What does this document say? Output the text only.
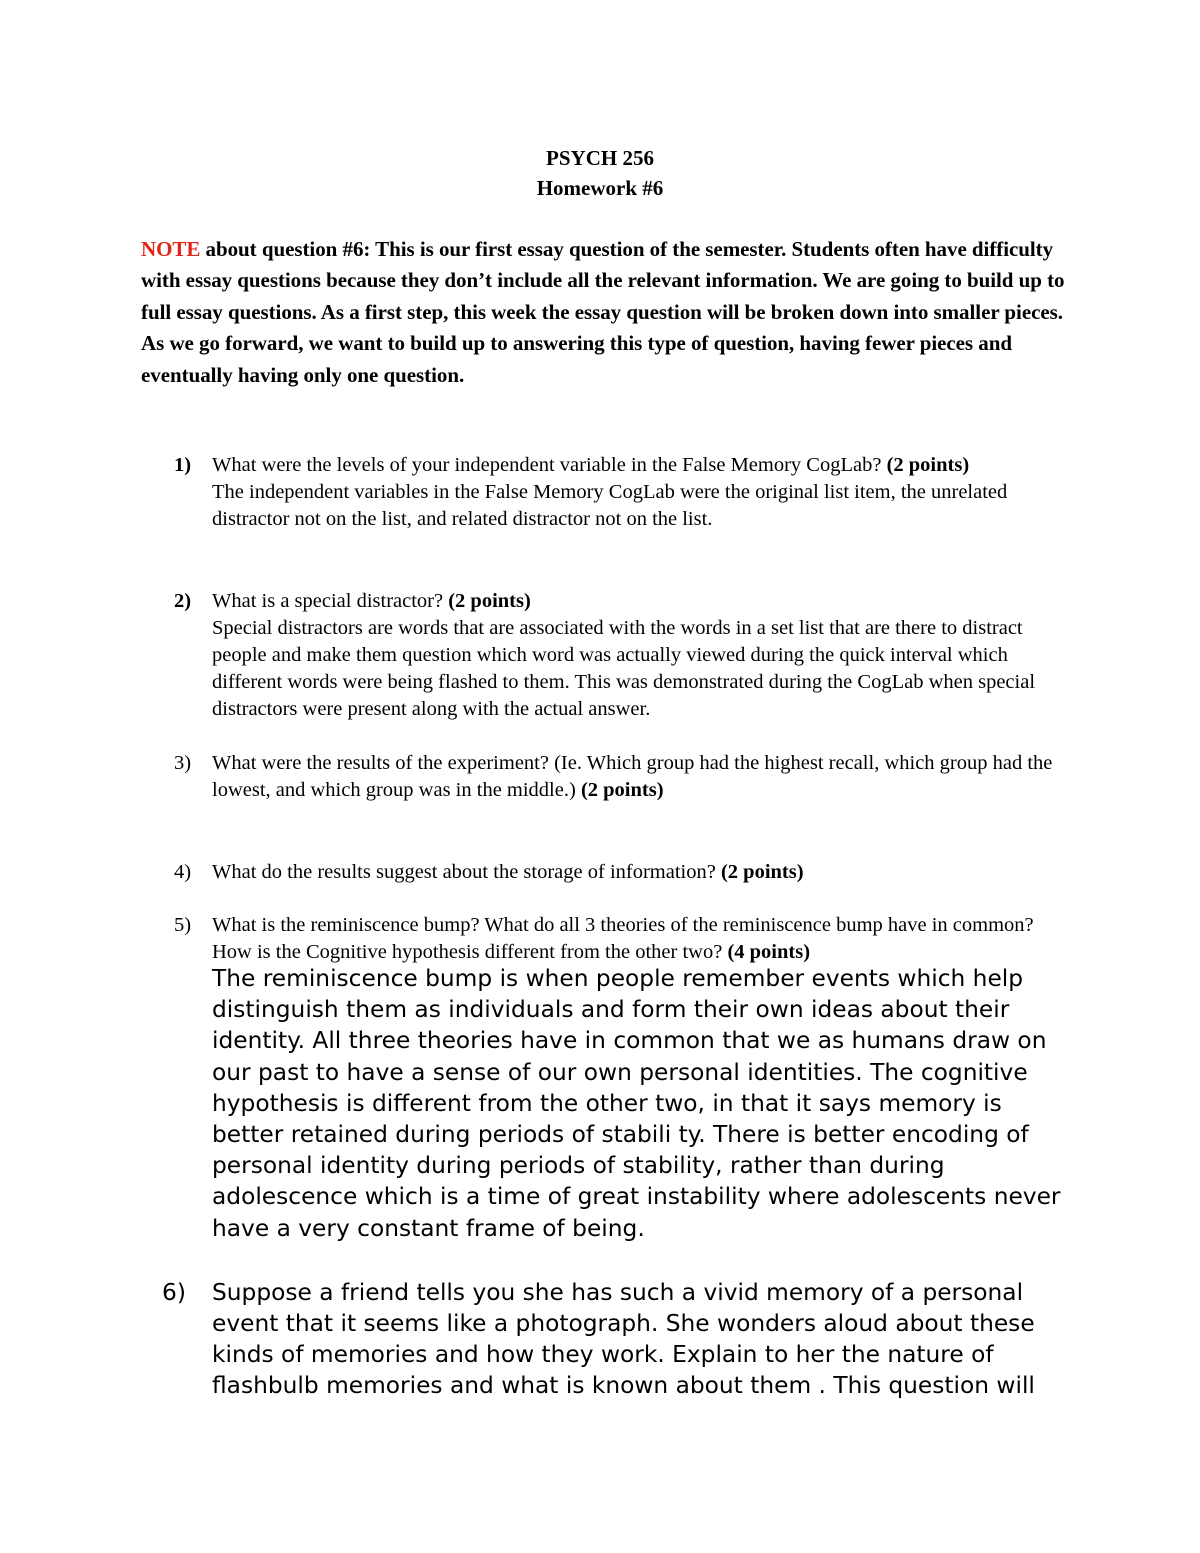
PSYCH 256
Homework #6
NOTE about question #6: This is our first essay question of the semester. Students often have difficulty with essay questions because they don’t include all the relevant information. We are going to build up to full essay questions. As a first step, this week the essay question will be broken down into smaller pieces. As we go forward, we want to build up to answering this type of question, having fewer pieces and eventually having only one question.
1) What were the levels of your independent variable in the False Memory CogLab? (2 points)
The independent variables in the False Memory CogLab were the original list item, the unrelated distractor not on the list, and related distractor not on the list.
2) What is a special distractor? (2 points)
Special distractors are words that are associated with the words in a set list that are there to distract people and make them question which word was actually viewed during the quick interval which different words were being flashed to them. This was demonstrated during the CogLab when special distractors were present along with the actual answer.
3) What were the results of the experiment? (Ie. Which group had the highest recall, which group had the lowest, and which group was in the middle.) (2 points)
4) What do the results suggest about the storage of information? (2 points)
5) What is the reminiscence bump? What do all 3 theories of the reminiscence bump have in common? How is the Cognitive hypothesis different from the other two? (4 points)
The reminiscence bump is when people remember events which help distinguish them as individuals and form their own ideas about their identity. All three theories have in common that we as humans draw on our past to have a sense of our own personal identities. The cognitive hypothesis is different from the other two, in that it says memory is better retained during periods of stabili ty. There is better encoding of personal identity during periods of stability, rather than during adolescence which is a time of great instability where adolescents never have a very constant frame of being.
6) Suppose a friend tells you she has such a vivid memory of a personal event that it seems like a photograph. She wonders aloud about these kinds of memories and how they work. Explain to her the nature of flashbulb memories and what is known about them . This question will
